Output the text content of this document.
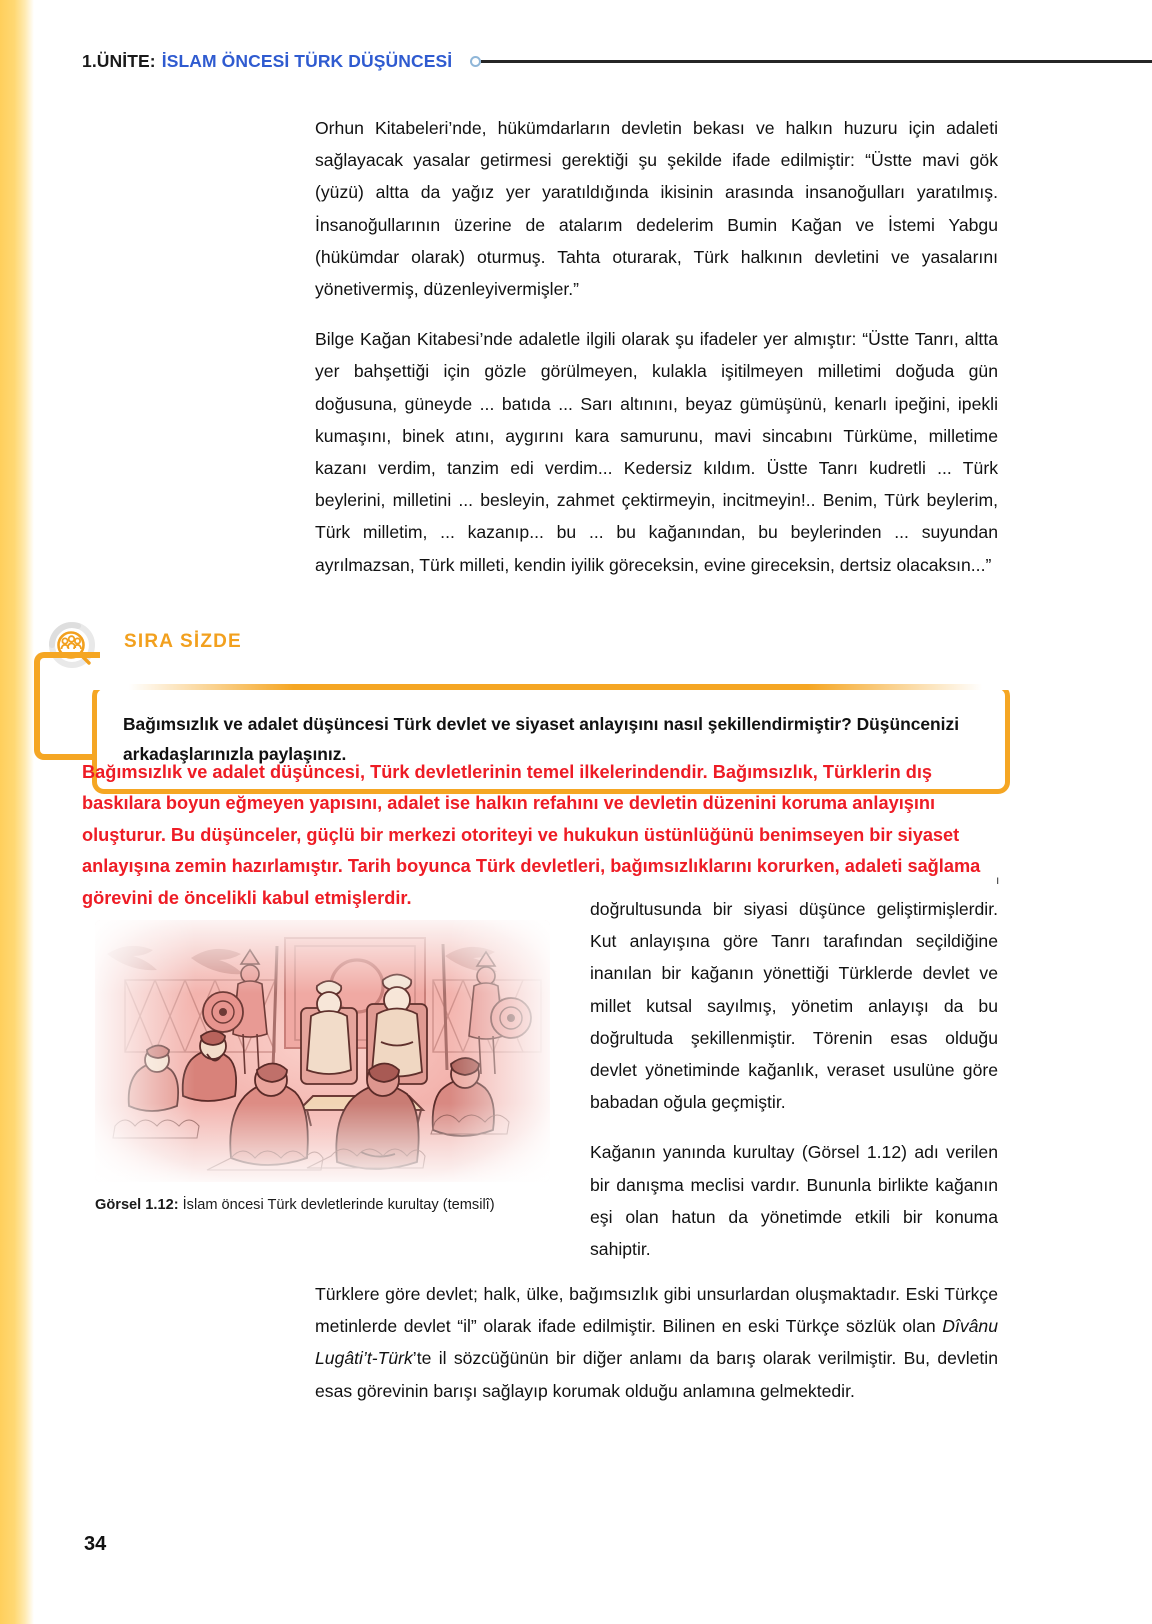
1.ÜNİTE: İSLAM ÖNCESİ TÜRK DÜŞÜNCESİ

Orhun Kitabeleri’nde, hükümdarların devletin bekası ve halkın huzuru için adaleti sağlayacak yasalar getirmesi gerektiği şu şekilde ifade edilmiştir: “Üstte mavi gök (yüzü) altta da yağız yer yaratıldığında ikisinin arasında insanoğulları yaratılmış. İnsanoğullarının üzerine de atalarım dedelerim Bumin Kağan ve İstemi Yabgu (hükümdar olarak) oturmuş. Tahta oturarak, Türk halkının devletini ve yasalarını yönetivermiş, düzenleyivermişler.”

Bilge Kağan Kitabesi’nde adaletle ilgili olarak şu ifadeler yer almıştır: “Üstte Tanrı, altta yer bahşettiği için gözle görülmeyen, kulakla işitilmeyen milletimi doğuda gün doğusuna, güneyde ... batıda ... Sarı altınını, beyaz gümüşünü, kenarlı ipeğini, ipekli kumaşını, binek atını, aygırını kara samurunu, mavi sincabını Türküme, milletime kazanı verdim, tanzim edi verdim... Kedersiz kıldım. Üstte Tanrı kudretli ... Türk beylerini, milletini ... besleyin, zahmet çektirmeyin, incitmeyin!.. Benim, Türk beylerim, Türk milletim, ... kazanıp... bu ... bu kağanından, bu beylerinden ... suyundan ayrılmazsan, Türk milleti, kendin iyilik göreceksin, evine gireceksin, dertsiz olacaksın...”

SIRA SİZDE

Bağımsızlık ve adalet düşüncesi Türk devlet ve siyaset anlayışını nasıl şekillendirmiştir? Düşüncenizi arkadaşlarınızla paylaşınız.

Bağımsızlık ve adalet düşüncesi, Türk devletlerinin temel ilkelerindendir. Bağımsızlık, Türklerin dış baskılara boyun eğmeyen yapısını, adalet ise halkın refahını ve devletin düzenini koruma anlayışını oluşturur. Bu düşünceler, güçlü bir merkezi otoriteyi ve hukukun üstünlüğünü benimseyen bir siyaset anlayışına zemin hazırlamıştır. Tarih boyunca Türk devletleri, bağımsızlıklarını korurken, adaleti sağlama görevini de öncelikli kabul etmişlerdir.

Görsel 1.12: İslam öncesi Türk devletlerinde kurultay (temsilî)

doğrultusunda bir siyasi düşünce geliştirmişlerdir. Kut anlayışına göre Tanrı tarafından seçildiğine inanılan bir kağanın yönettiği Türklerde devlet ve millet kutsal sayılmış, yönetim anlayışı da bu doğrultuda şekillenmiştir. Törenin esas olduğu devlet yönetiminde kağanlık, veraset usulüne göre babadan oğula geçmiştir.

Kağanın yanında kurultay (Görsel 1.12) adı verilen bir danışma meclisi vardır. Bununla birlikte kağanın eşi olan hatun da yönetimde etkili bir konuma sahiptir.

Türklere göre devlet; halk, ülke, bağımsızlık gibi unsurlardan oluşmaktadır. Eski Türkçe metinlerde devlet “il” olarak ifade edilmiştir. Bilinen en eski Türkçe sözlük olan Dîvânu Lugâti’t-Türk’te il sözcüğünün bir diğer anlamı da barış olarak verilmiştir. Bu, devletin esas görevinin barışı sağlayıp korumak olduğu anlamına gelmektedir.

ı
34
